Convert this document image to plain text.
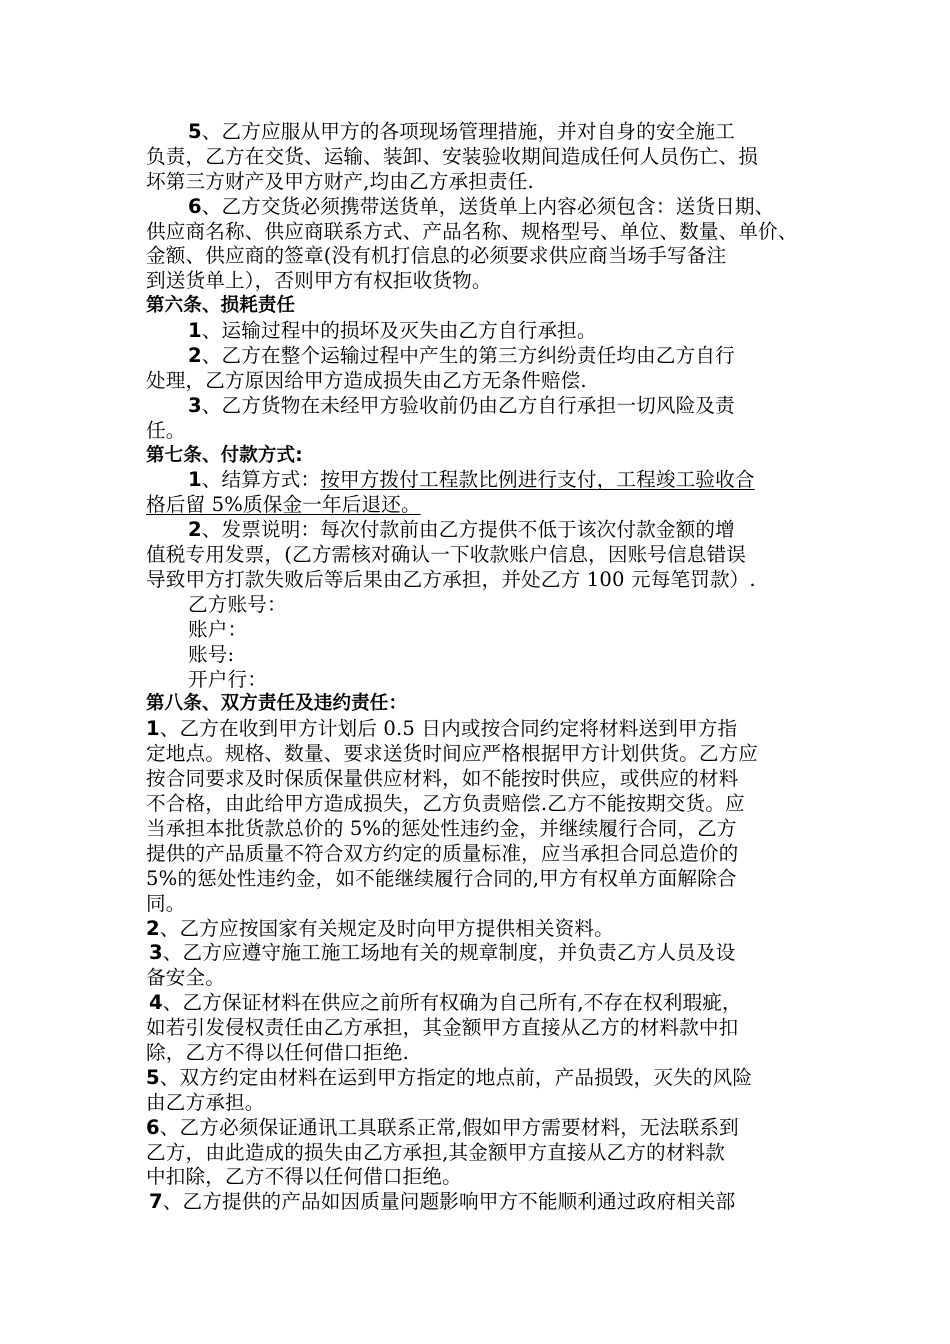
5、乙方应服从甲方的各项现场管理措施，并对自身的安全施工
负责，乙方在交货、运输、装卸、安装验收期间造成任何人员伤亡、损
坏第三方财产及甲方财产,均由乙方承担责任.
6、乙方交货必须携带送货单，送货单上内容必须包含：送货日期、
供应商名称、供应商联系方式、产品名称、规格型号、单位、数量、单价、
金额、供应商的签章(没有机打信息的必须要求供应商当场手写备注
到送货单上），否则甲方有权拒收货物。
第六条、损耗责任
1、运输过程中的损坏及灭失由乙方自行承担。
2、乙方在整个运输过程中产生的第三方纠纷责任均由乙方自行
处理，乙方原因给甲方造成损失由乙方无条件赔偿.
3、乙方货物在未经甲方验收前仍由乙方自行承担一切风险及责
任。
第七条、付款方式:
1、结算方式：按甲方拨付工程款比例进行支付，工程竣工验收合
格后留 5%质保金一年后退还。
2、发票说明：每次付款前由乙方提供不低于该次付款金额的增
值税专用发票，(乙方需核对确认一下收款账户信息，因账号信息错误
导致甲方打款失败后等后果由乙方承担，并处乙方 100 元每笔罚款）.
乙方账号：
账户：
账号:
开户行：
第八条、双方责任及违约责任：
1、乙方在收到甲方计划后 0.5 日内或按合同约定将材料送到甲方指
定地点。规格、数量、要求送货时间应严格根据甲方计划供货。乙方应
按合同要求及时保质保量供应材料，如不能按时供应，或供应的材料
不合格，由此给甲方造成损失，乙方负责赔偿.乙方不能按期交货。应
当承担本批货款总价的 5%的惩处性违约金，并继续履行合同，乙方
提供的产品质量不符合双方约定的质量标准，应当承担合同总造价的
5%的惩处性违约金，如不能继续履行合同的,甲方有权单方面解除合
同。
2、乙方应按国家有关规定及时向甲方提供相关资料。
3、乙方应遵守施工施工场地有关的规章制度，并负责乙方人员及设
备安全。
4、乙方保证材料在供应之前所有权确为自己所有,不存在权利瑕疵，
如若引发侵权责任由乙方承担，其金额甲方直接从乙方的材料款中扣
除，乙方不得以任何借口拒绝.
5、双方约定由材料在运到甲方指定的地点前，产品损毁，灭失的风险
由乙方承担。
6、乙方必须保证通讯工具联系正常,假如甲方需要材料，无法联系到
乙方，由此造成的损失由乙方承担,其金额甲方直接从乙方的材料款
中扣除，乙方不得以任何借口拒绝。
7、乙方提供的产品如因质量问题影响甲方不能顺利通过政府相关部
